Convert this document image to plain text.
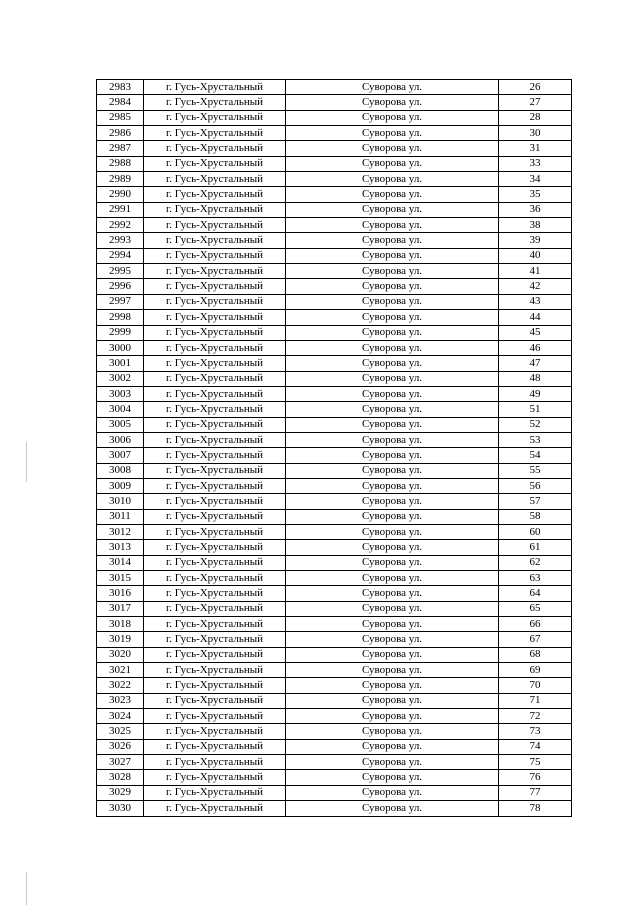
2983	г. Гусь-Хрустальный	Суворова ул.	26
2984	г. Гусь-Хрустальный	Суворова ул.	27
2985	г. Гусь-Хрустальный	Суворова ул.	28
2986	г. Гусь-Хрустальный	Суворова ул.	30
2987	г. Гусь-Хрустальный	Суворова ул.	31
2988	г. Гусь-Хрустальный	Суворова ул.	33
2989	г. Гусь-Хрустальный	Суворова ул.	34
2990	г. Гусь-Хрустальный	Суворова ул.	35
2991	г. Гусь-Хрустальный	Суворова ул.	36
2992	г. Гусь-Хрустальный	Суворова ул.	38
2993	г. Гусь-Хрустальный	Суворова ул.	39
2994	г. Гусь-Хрустальный	Суворова ул.	40
2995	г. Гусь-Хрустальный	Суворова ул.	41
2996	г. Гусь-Хрустальный	Суворова ул.	42
2997	г. Гусь-Хрустальный	Суворова ул.	43
2998	г. Гусь-Хрустальный	Суворова ул.	44
2999	г. Гусь-Хрустальный	Суворова ул.	45
3000	г. Гусь-Хрустальный	Суворова ул.	46
3001	г. Гусь-Хрустальный	Суворова ул.	47
3002	г. Гусь-Хрустальный	Суворова ул.	48
3003	г. Гусь-Хрустальный	Суворова ул.	49
3004	г. Гусь-Хрустальный	Суворова ул.	51
3005	г. Гусь-Хрустальный	Суворова ул.	52
3006	г. Гусь-Хрустальный	Суворова ул.	53
3007	г. Гусь-Хрустальный	Суворова ул.	54
3008	г. Гусь-Хрустальный	Суворова ул.	55
3009	г. Гусь-Хрустальный	Суворова ул.	56
3010	г. Гусь-Хрустальный	Суворова ул.	57
3011	г. Гусь-Хрустальный	Суворова ул.	58
3012	г. Гусь-Хрустальный	Суворова ул.	60
3013	г. Гусь-Хрустальный	Суворова ул.	61
3014	г. Гусь-Хрустальный	Суворова ул.	62
3015	г. Гусь-Хрустальный	Суворова ул.	63
3016	г. Гусь-Хрустальный	Суворова ул.	64
3017	г. Гусь-Хрустальный	Суворова ул.	65
3018	г. Гусь-Хрустальный	Суворова ул.	66
3019	г. Гусь-Хрустальный	Суворова ул.	67
3020	г. Гусь-Хрустальный	Суворова ул.	68
3021	г. Гусь-Хрустальный	Суворова ул.	69
3022	г. Гусь-Хрустальный	Суворова ул.	70
3023	г. Гусь-Хрустальный	Суворова ул.	71
3024	г. Гусь-Хрустальный	Суворова ул.	72
3025	г. Гусь-Хрустальный	Суворова ул.	73
3026	г. Гусь-Хрустальный	Суворова ул.	74
3027	г. Гусь-Хрустальный	Суворова ул.	75
3028	г. Гусь-Хрустальный	Суворова ул.	76
3029	г. Гусь-Хрустальный	Суворова ул.	77
3030	г. Гусь-Хрустальный	Суворова ул.	78
